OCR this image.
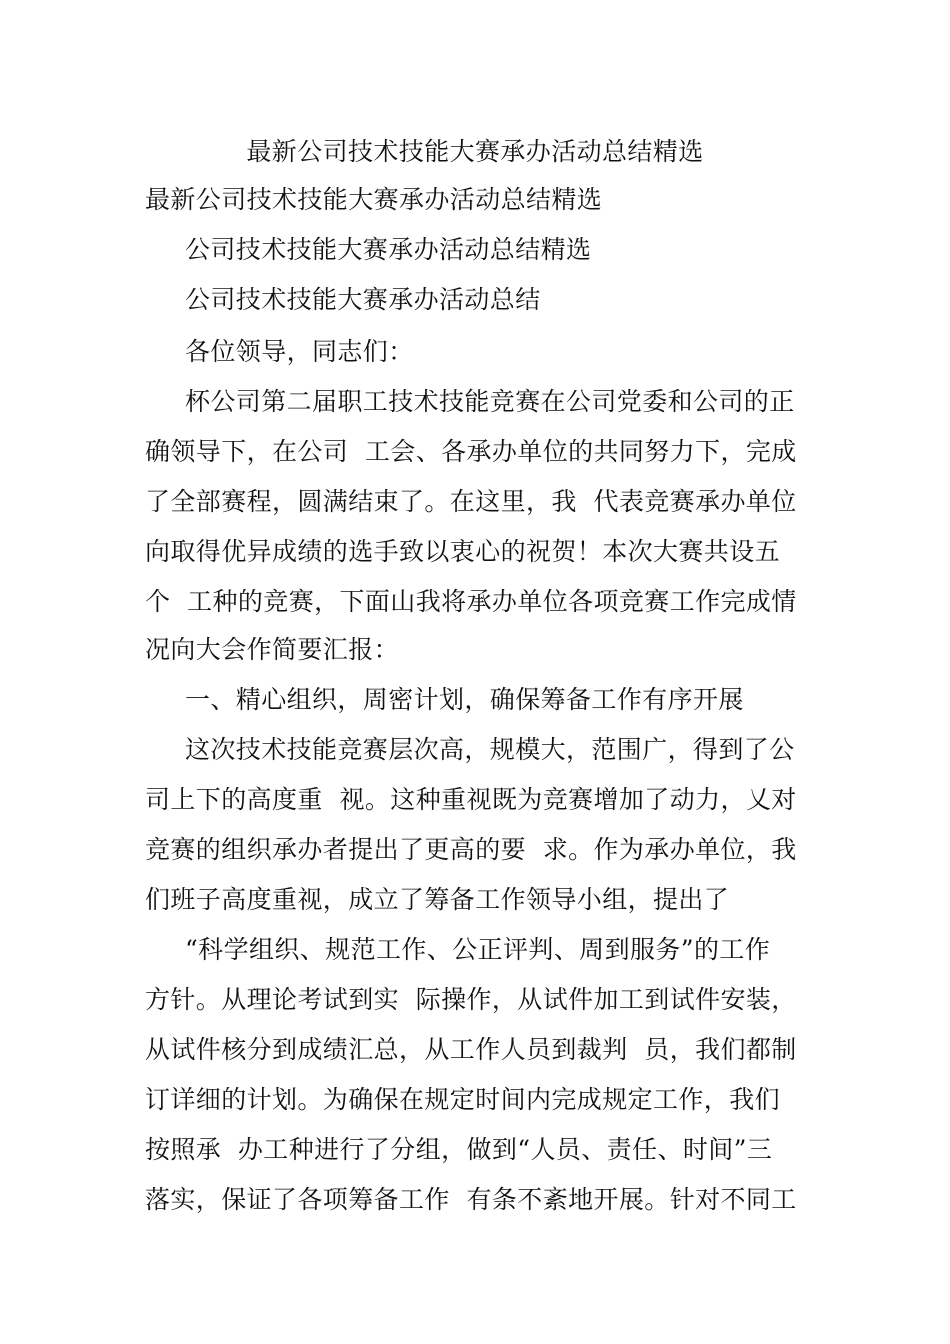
最新公司技术技能大赛承办活动总结精选
最新公司技术技能大赛承办活动总结精选
公司技术技能大赛承办活动总结精选
公司技术技能大赛承办活动总结
各位领导，同志们：
杯公司第二届职工技术技能竞赛在公司党委和公司的正
确领导下，在公司  工会、各承办单位的共同努力下，完成
了全部赛程，圆满结束了。在这里，我  代表竞赛承办单位
向取得优异成绩的选手致以衷心的祝贺！本次大赛共设五
个  工种的竞赛，下面山我将承办单位各项竞赛工作完成情
况向大会作简要汇报：
一、精心组织，周密计划，确保筹备工作有序开展
这次技术技能竞赛层次高，规模大，范围广，得到了公
司上下的高度重  视。这种重视既为竞赛增加了动力，乂对
竞赛的组织承办者提出了更高的要  求。作为承办单位，我
们班子高度重视，成立了筹备工作领导小组，提出了
“科学组织、规范工作、公正评判、周到服务”的工作
方针。从理论考试到实  际操作，从试件加工到试件安装，
从试件核分到成绩汇总，从工作人员到裁判  员，我们都制
订详细的计划。为确保在规定时间内完成规定工作，我们
按照承  办工种进行了分组，做到“人员、责任、时间”三
落实，保证了各项筹备工作  有条不紊地开展。针对不同工
